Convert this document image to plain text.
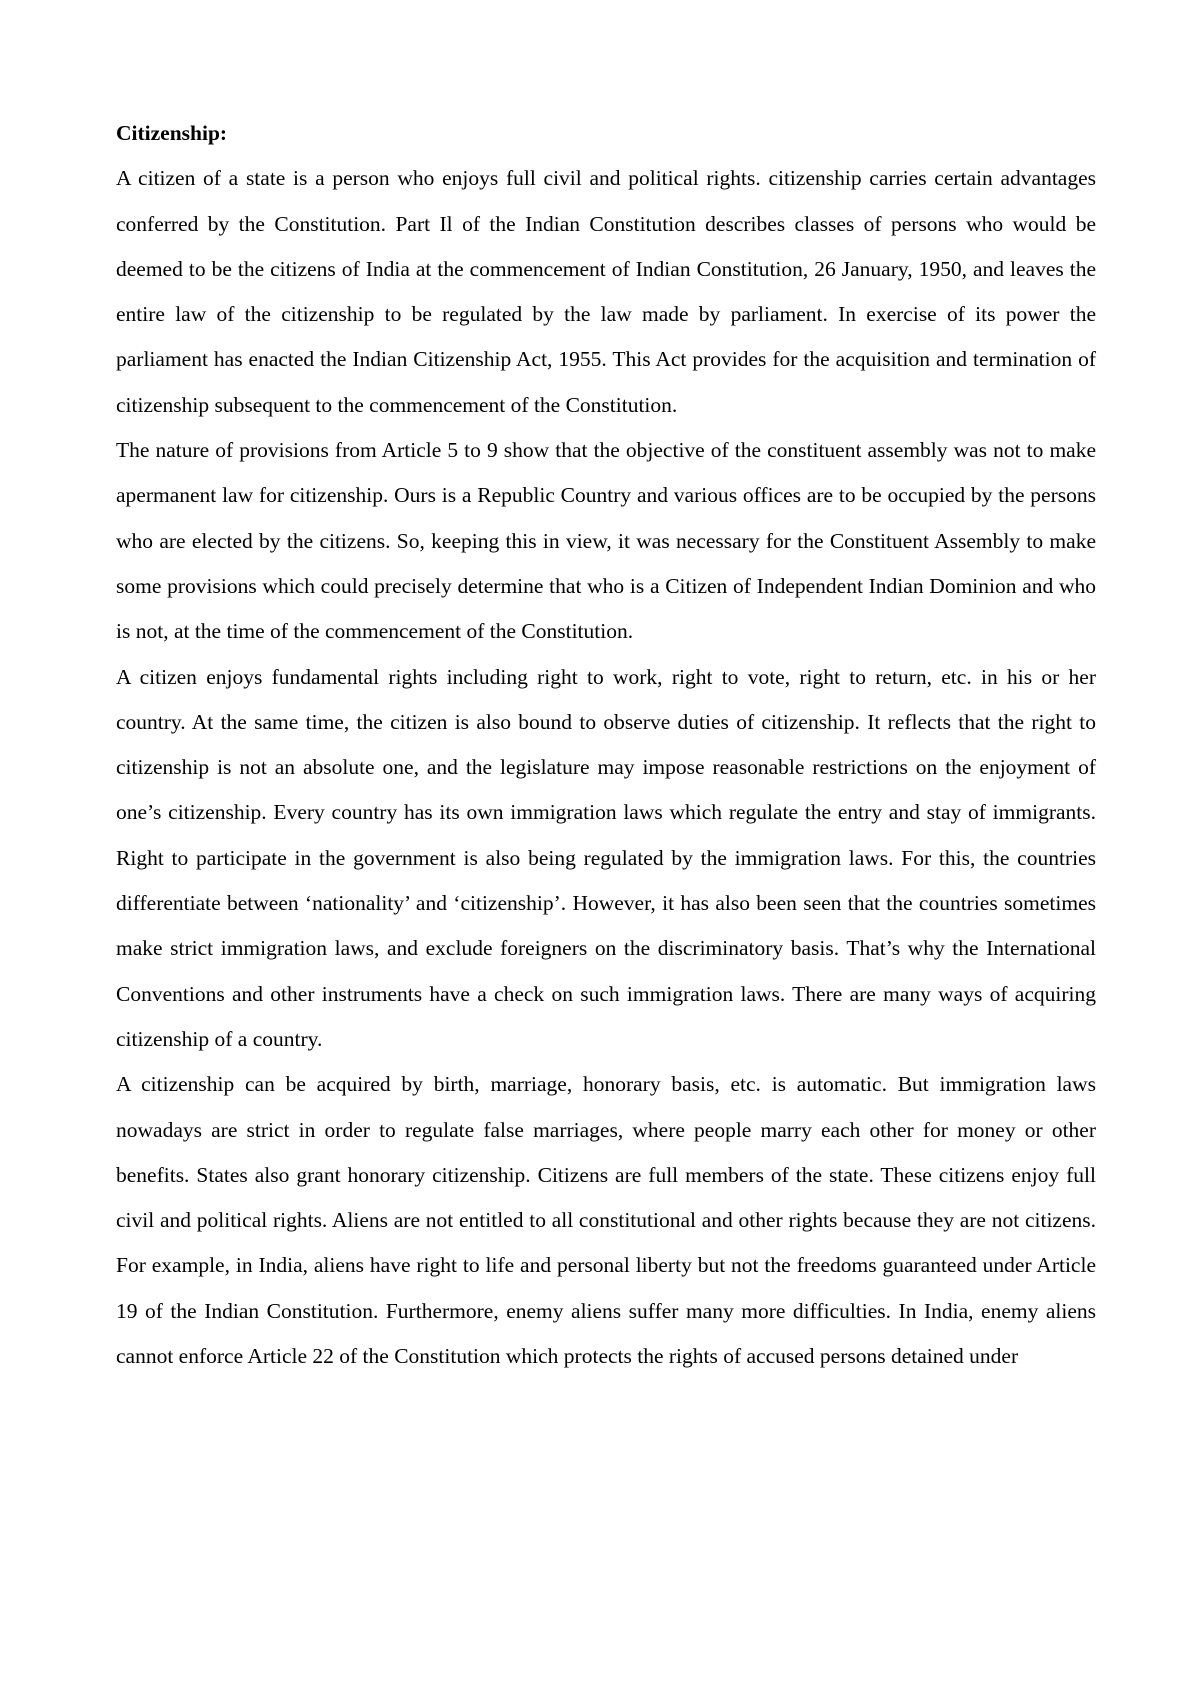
Citizenship:

A citizen of a state is a person who enjoys full civil and political rights. citizenship carries certain advantages conferred by the Constitution. Part Il of the Indian Constitution describes classes of persons who would be deemed to be the citizens of India at the commencement of Indian Constitution, 26 January, 1950, and leaves the entire law of the citizenship to be regulated by the law made by parliament. In exercise of its power the parliament has enacted the Indian Citizenship Act, 1955. This Act provides for the acquisition and termination of citizenship subsequent to the commencement of the Constitution.

The nature of provisions from Article 5 to 9 show that the objective of the constituent assembly was not to make apermanent law for citizenship. Ours is a Republic Country and various offices are to be occupied by the persons who are elected by the citizens. So, keeping this in view, it was necessary for the Constituent Assembly to make some provisions which could precisely determine that who is a Citizen of Independent Indian Dominion and who is not, at the time of the commencement of the Constitution.

A citizen enjoys fundamental rights including right to work, right to vote, right to return, etc. in his or her country. At the same time, the citizen is also bound to observe duties of citizenship. It reflects that the right to citizenship is not an absolute one, and the legislature may impose reasonable restrictions on the enjoyment of one’s citizenship. Every country has its own immigration laws which regulate the entry and stay of immigrants. Right to participate in the government is also being regulated by the immigration laws. For this, the countries differentiate between ‘nationality’ and ‘citizenship’. However, it has also been seen that the countries sometimes make strict immigration laws, and exclude foreigners on the discriminatory basis. That’s why the International Conventions and other instruments have a check on such immigration laws. There are many ways of acquiring citizenship of a country.

A citizenship can be acquired by birth, marriage, honorary basis, etc. is automatic. But immigration laws nowadays are strict in order to regulate false marriages, where people marry each other for money or other benefits. States also grant honorary citizenship. Citizens are full members of the state. These citizens enjoy full civil and political rights. Aliens are not entitled to all constitutional and other rights because they are not citizens. For example, in India, aliens have right to life and personal liberty but not the freedoms guaranteed under Article 19 of the Indian Constitution. Furthermore, enemy aliens suffer many more difficulties. In India, enemy aliens cannot enforce Article 22 of the Constitution which protects the rights of accused persons detained under
